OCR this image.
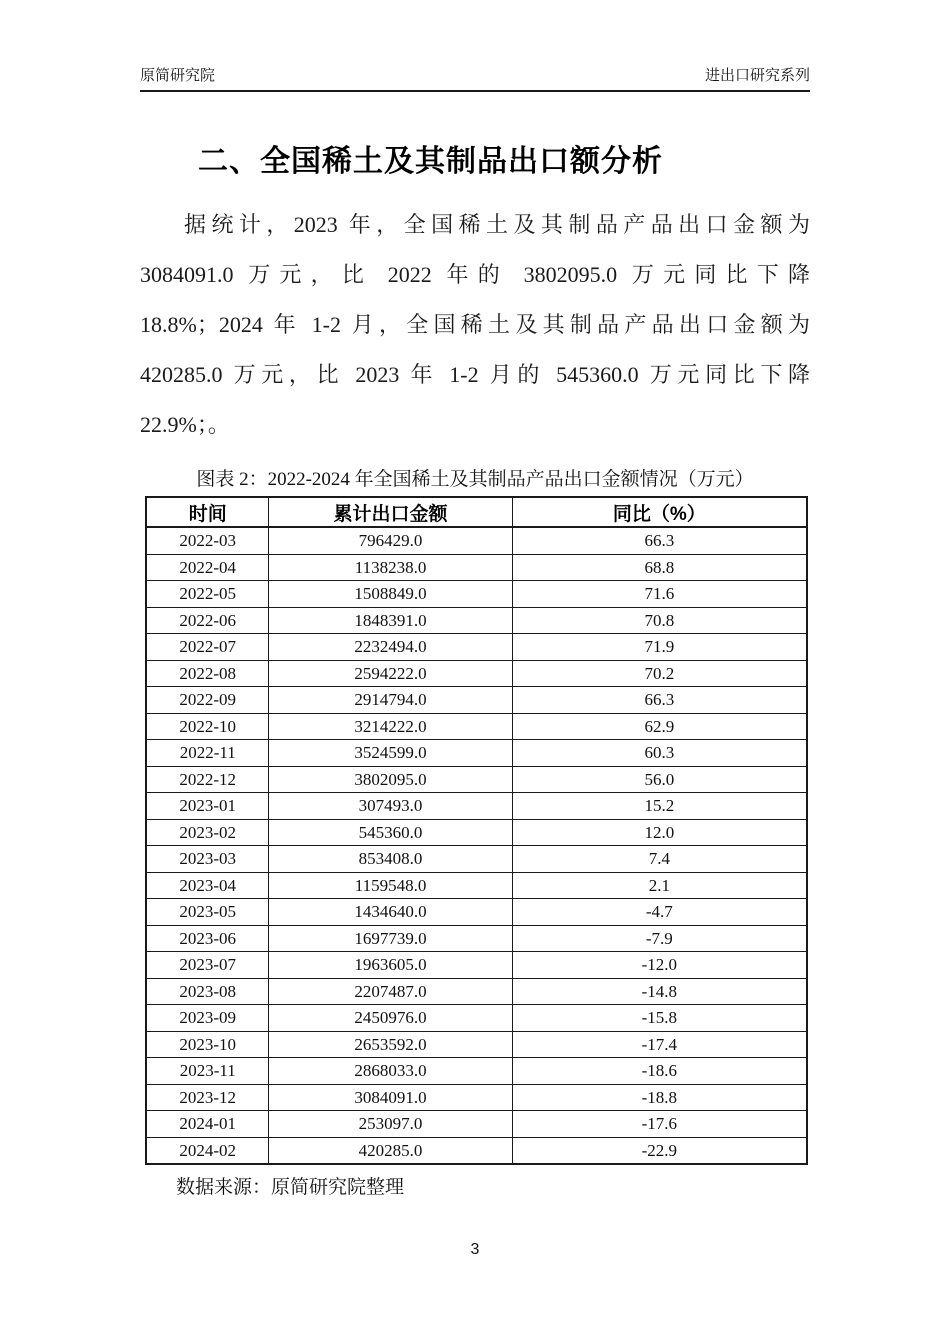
原简研究院	进出口研究系列
二、全国稀土及其制品出口额分析
据统计，2023 年，全国稀土及其制品产品出口金额为
3084091.0 万元，比 2022 年的 3802095.0 万元同比下降
18.8%；2024 年 1-2 月，全国稀土及其制品产品出口金额为
420285.0 万元，比 2023 年 1-2 月的 545360.0 万元同比下降
22.9%；。
图表 2：2022-2024 年全国稀土及其制品产品出口金额情况（万元）
时间	累计出口金额	同比（%）
2022-03	796429.0	66.3
2022-04	1138238.0	68.8
2022-05	1508849.0	71.6
2022-06	1848391.0	70.8
2022-07	2232494.0	71.9
2022-08	2594222.0	70.2
2022-09	2914794.0	66.3
2022-10	3214222.0	62.9
2022-11	3524599.0	60.3
2022-12	3802095.0	56.0
2023-01	307493.0	15.2
2023-02	545360.0	12.0
2023-03	853408.0	7.4
2023-04	1159548.0	2.1
2023-05	1434640.0	-4.7
2023-06	1697739.0	-7.9
2023-07	1963605.0	-12.0
2023-08	2207487.0	-14.8
2023-09	2450976.0	-15.8
2023-10	2653592.0	-17.4
2023-11	2868033.0	-18.6
2023-12	3084091.0	-18.8
2024-01	253097.0	-17.6
2024-02	420285.0	-22.9
数据来源：原简研究院整理
3
